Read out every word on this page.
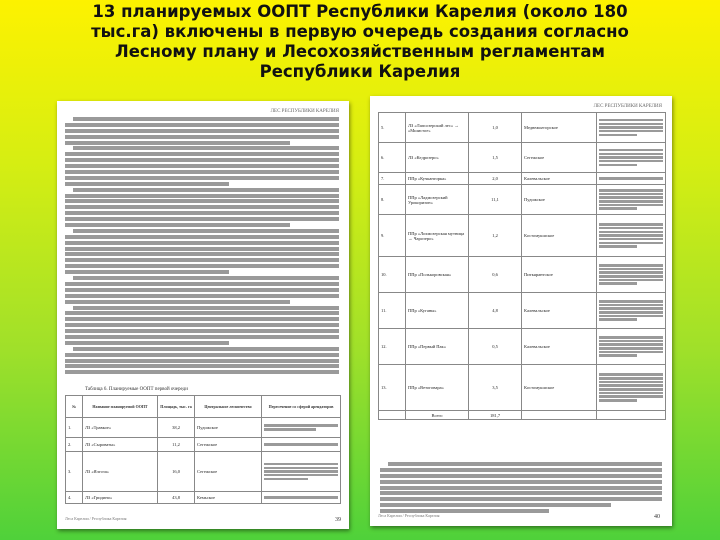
13 планируемых ООПТ Республики Карелия (около 180
тыс.га) включены в первую очередь создания согласно
Лесному плану и Лесохозяйственным регламентам
Республики Карелия
ЛЕС РЕСПУБЛИКИ КАРЕЛИЯ
Таблица 6. Планируемые ООПТ первой очереди
№	Название планируемой ООПТ	Площадь, тыс. га	Центральное лесничество	Пересечение со сферой арендаторов
1.	ЛЗ «Травкое»	38,2	Пудожское	

2.	ЛЗ «Сыроваты»	11,2	Сегежское	

3.	ЛЗ «Ялгоза»	16,0	Сегежское	

4.	ЛЗ «Гридино»	43,8	Кемьское	
Леса Карелии / Республика Карелия	39
ЛЕС РЕСПУБЛИКИ КАРЕЛИЯ
5.	ЛЗ «Лапсозерский лес» → «Мшистое»	1,0	Медвежьегорское	

6.	ЛЗ «Кедрозеро»	1,5	Сегежское	

7.	ППр «Кучкангорка»	2,0	Калевальское	

8.	ППр «Ладмозерский Урокоризон»	11,1	Пудожское	

9.	ППр «Лохмозерская мутница → Чарозеро»	1,2	Костомукшское	

10.	ППр «Полькоровская»	0,6	Питкярантское	

11.	ППр «Куганы»	4,8	Калевальское	

12.	ППр «Первый Пак»	0,5	Калевальское	

13.	ППр «Ветоговара»	3,5	Костомукшское	

	Всего	181,7		
Леса Карелии / Республика Карелия	40
